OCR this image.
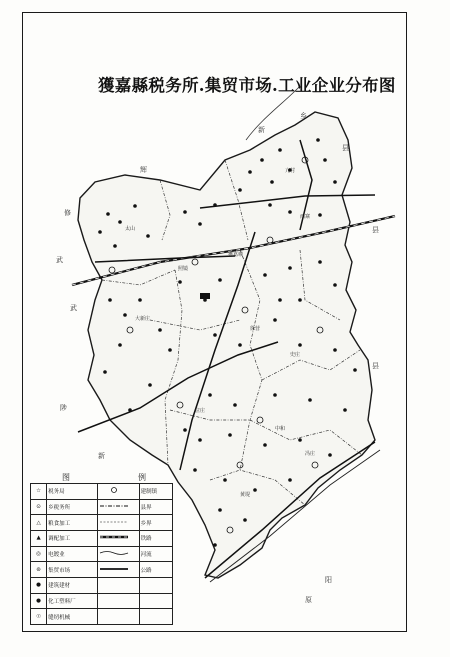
獲嘉城
太山
照镜
亢村
大新庄
徐营
史庄
位庄
中和
冯庄
黄堤
西寨
新
乡
县
辉
县
武
陟
原
阳
修
武
县
新
獲嘉縣税务所.集贸市场.工业企业分布图
图	例
☆	税务局		建制镇
⊙	乡税务所		县界
△	粮食加工		乡界
▲	调配加工		铁路
◎	电镀业		河流
⊚	集贸市场		公路
●	建筑建材		
●	化工塑料厂		
☉	缝纫机械		
